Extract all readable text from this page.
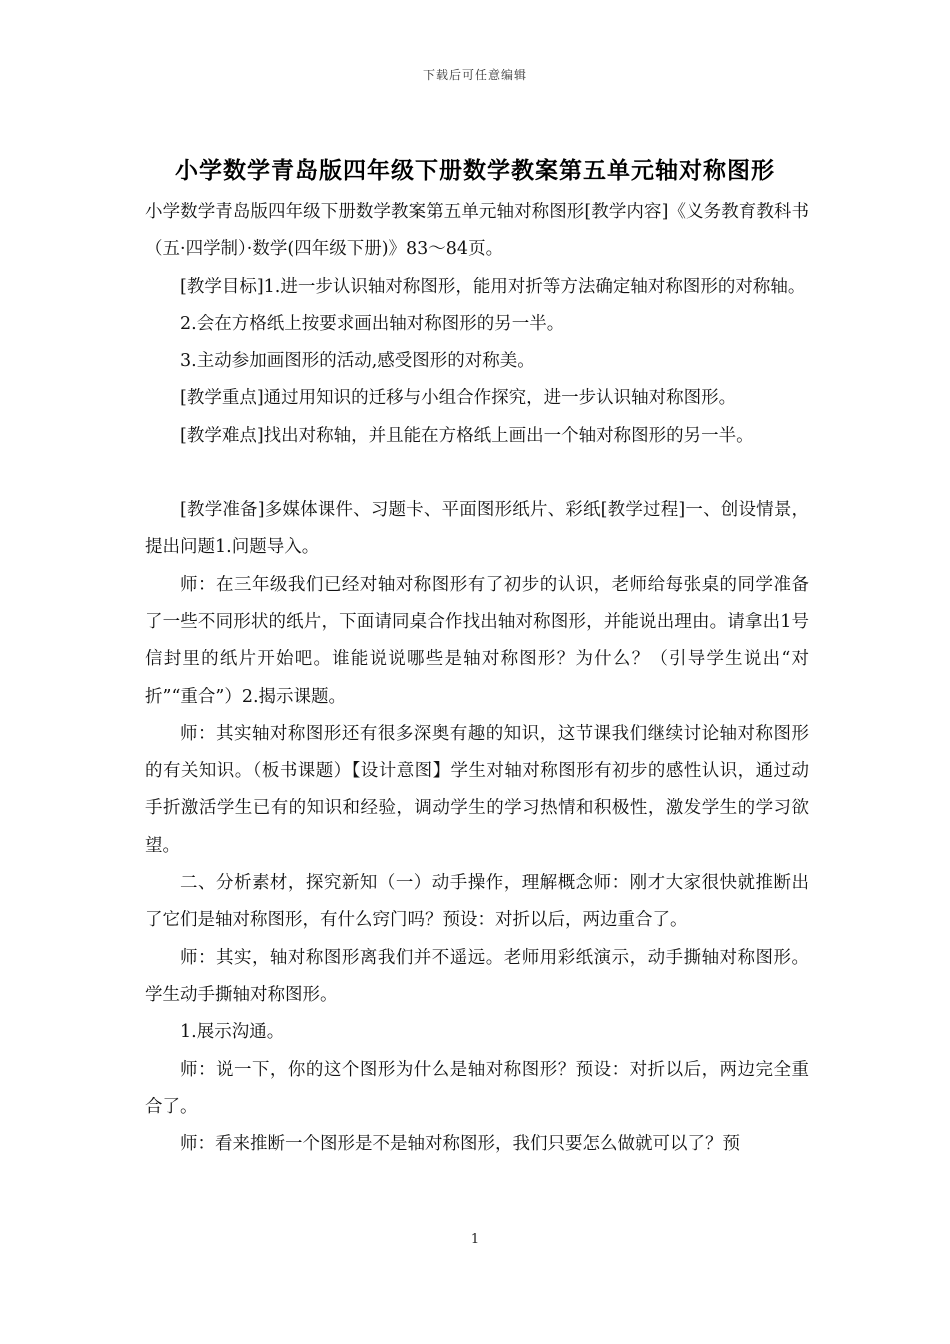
下载后可任意编辑
小学数学青岛版四年级下册数学教案第五单元轴对称图形

小学数学青岛版四年级下册数学教案第五单元轴对称图形[教学内容]《义务教育教科书（五·四学制）·数学(四年级下册)》83～84页。

[教学目标]1.进一步认识轴对称图形，能用对折等方法确定轴对称图形的对称轴。

2.会在方格纸上按要求画出轴对称图形的另一半。

3.主动参加画图形的活动,感受图形的对称美。

[教学重点]通过用知识的迁移与小组合作探究，进一步认识轴对称图形。

[教学难点]找出对称轴，并且能在方格纸上画出一个轴对称图形的另一半。

[教学准备]多媒体课件、习题卡、平面图形纸片、彩纸[教学过程]一、创设情景，提出问题1.问题导入。

师：在三年级我们已经对轴对称图形有了初步的认识，老师给每张桌的同学准备了一些不同形状的纸片，下面请同桌合作找出轴对称图形，并能说出理由。请拿出1号信封里的纸片开始吧。谁能说说哪些是轴对称图形？为什么？（引导学生说出“对折”“重合”）2.揭示课题。

师：其实轴对称图形还有很多深奥有趣的知识，这节课我们继续讨论轴对称图形的有关知识。（板书课题）【设计意图】学生对轴对称图形有初步的感性认识，通过动手折激活学生已有的知识和经验，调动学生的学习热情和积极性，激发学生的学习欲望。

二、分析素材，探究新知（一）动手操作，理解概念师：刚才大家很快就推断出了它们是轴对称图形，有什么窍门吗？预设：对折以后，两边重合了。

师：其实，轴对称图形离我们并不遥远。老师用彩纸演示，动手撕轴对称图形。学生动手撕轴对称图形。

1.展示沟通。

师：说一下，你的这个图形为什么是轴对称图形？预设：对折以后，两边完全重合了。

师：看来推断一个图形是不是轴对称图形，我们只要怎么做就可以了？预

1
